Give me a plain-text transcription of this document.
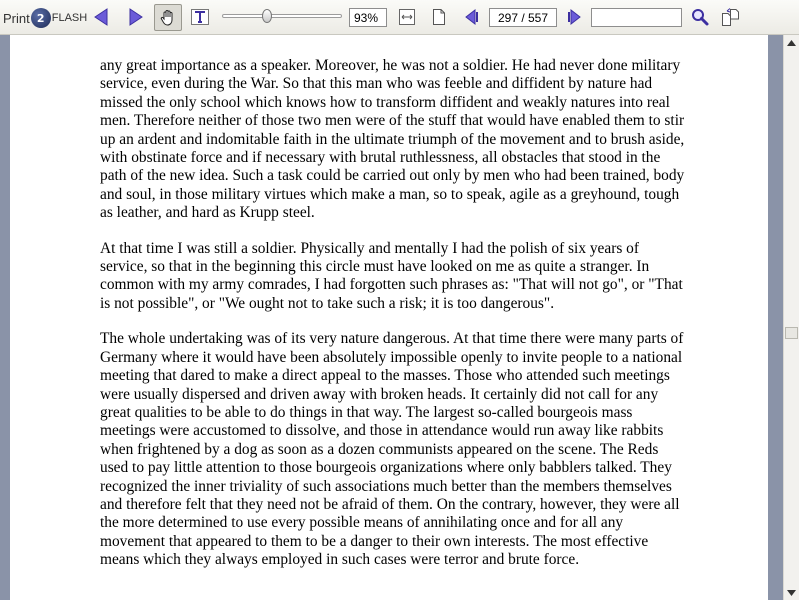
Print 2 FLASH
93%
297 / 557

any great importance as a speaker. Moreover, he was not a soldier. He had never done military service, even during the War. So that this man who was feeble and diffident by nature had missed the only school which knows how to transform diffident and weakly natures into real men. Therefore neither of those two men were of the stuff that would have enabled them to stir up an ardent and indomitable faith in the ultimate triumph of the movement and to brush aside, with obstinate force and if necessary with brutal ruthlessness, all obstacles that stood in the path of the new idea. Such a task could be carried out only by men who had been trained, body and soul, in those military virtues which make a man, so to speak, agile as a greyhound, tough as leather, and hard as Krupp steel.

At that time I was still a soldier. Physically and mentally I had the polish of six years of service, so that in the beginning this circle must have looked on me as quite a stranger. In common with my army comrades, I had forgotten such phrases as: "That will not go", or "That is not possible", or "We ought not to take such a risk; it is too dangerous".

The whole undertaking was of its very nature dangerous. At that time there were many parts of Germany where it would have been absolutely impossible openly to invite people to a national meeting that dared to make a direct appeal to the masses. Those who attended such meetings were usually dispersed and driven away with broken heads. It certainly did not call for any great qualities to be able to do things in that way. The largest so-called bourgeois mass meetings were accustomed to dissolve, and those in attendance would run away like rabbits when frightened by a dog as soon as a dozen communists appeared on the scene. The Reds used to pay little attention to those bourgeois organizations where only babblers talked. They recognized the inner triviality of such associations much better than the members themselves and therefore felt that they need not be afraid of them. On the contrary, however, they were all the more determined to use every possible means of annihilating once and for all any movement that appeared to them to be a danger to their own interests. The most effective means which they always employed in such cases were terror and brute force.
